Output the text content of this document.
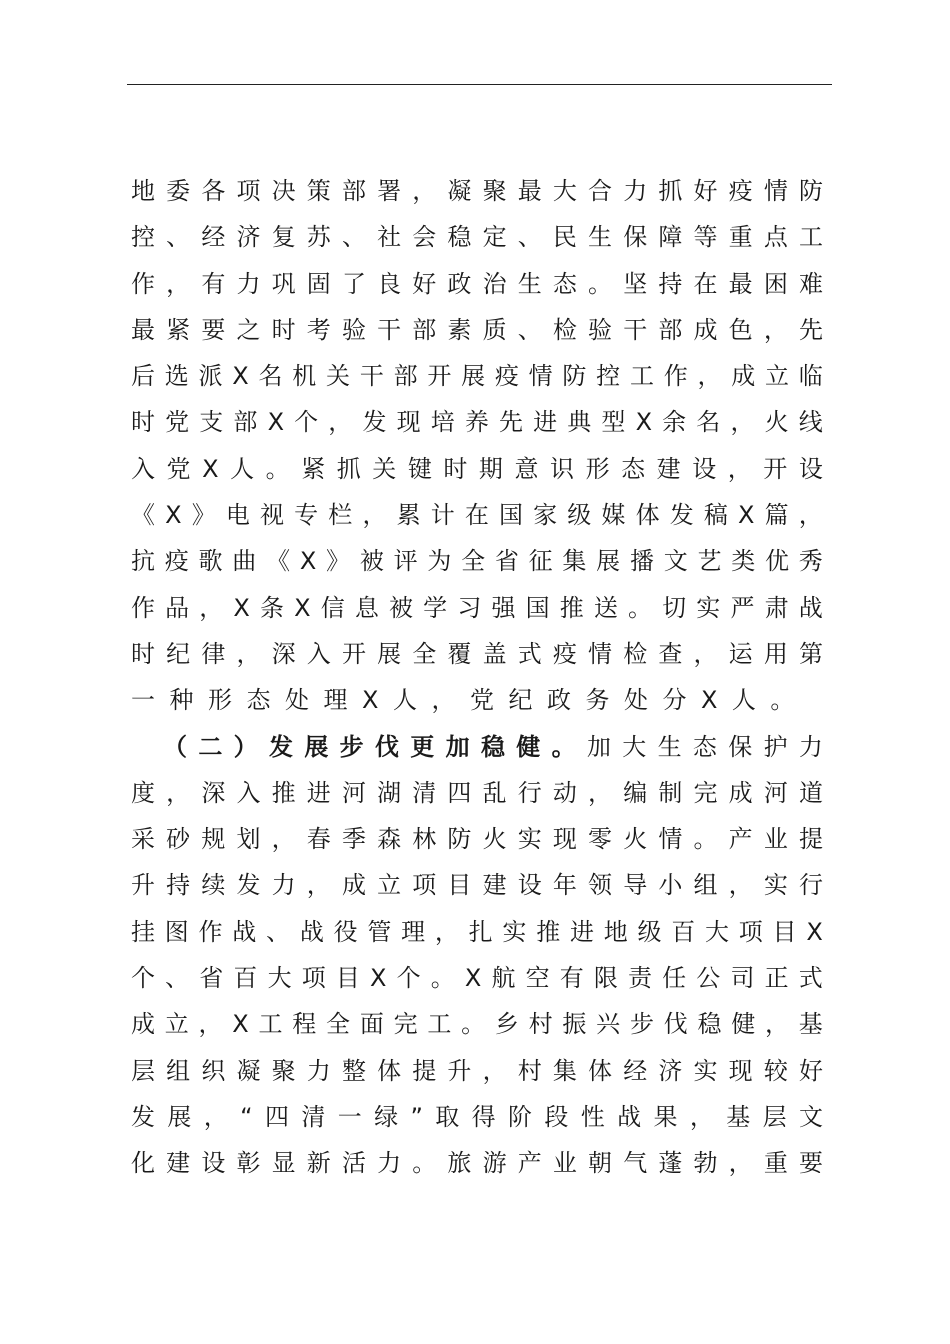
地 委 各 项 决 策 部 署 ， 凝 聚 最 大 合 力 抓 好 疫 情 防
控 、 经 济 复 苏 、 社 会 稳 定 、 民 生 保 障 等 重 点 工
作 ， 有 力 巩 固 了 良 好 政 治 生 态 。 坚 持 在 最 困 难
最 紧 要 之 时 考 验 干 部 素 质 、 检 验 干 部 成 色 ， 先
后 选 派 X 名 机 关 干 部 开 展 疫 情 防 控 工 作 ， 成 立 临
时 党 支 部 X 个 ， 发 现 培 养 先 进 典 型 X 余 名 ， 火 线
入 党 X 人 。 紧 抓 关 键 时 期 意 识 形 态 建 设 ， 开 设
《 X 》 电 视 专 栏 ， 累 计 在 国 家 级 媒 体 发 稿 X 篇 ，
抗 疫 歌 曲 《 X 》 被 评 为 全 省 征 集 展 播 文 艺 类 优 秀
作 品 ， X 条 X 信 息 被 学 习 强 国 推 送 。 切 实 严 肃 战
时 纪 律 ， 深 入 开 展 全 覆 盖 式 疫 情 检 查 ， 运 用 第
一 种 形 态 处 理 X 人 ， 党 纪 政 务 处 分 X 人 。
（ 二 ） 发 展 步 伐 更 加 稳 健 。 加 大 生 态 保 护 力
度 ， 深 入 推 进 河 湖 清 四 乱 行 动 ， 编 制 完 成 河 道
采 砂 规 划 ， 春 季 森 林 防 火 实 现 零 火 情 。 产 业 提
升 持 续 发 力 ， 成 立 项 目 建 设 年 领 导 小 组 ， 实 行
挂 图 作 战 、 战 役 管 理 ， 扎 实 推 进 地 级 百 大 项 目 X
个 、 省 百 大 项 目 X 个 。 X 航 空 有 限 责 任 公 司 正 式
成 立 ， X 工 程 全 面 完 工 。 乡 村 振 兴 步 伐 稳 健 ， 基
层 组 织 凝 聚 力 整 体 提 升 ， 村 集 体 经 济 实 现 较 好
发 展 ， “ 四 清 一 绿 ” 取 得 阶 段 性 战 果 ， 基 层 文
化 建 设 彰 显 新 活 力 。 旅 游 产 业 朝 气 蓬 勃 ， 重 要
